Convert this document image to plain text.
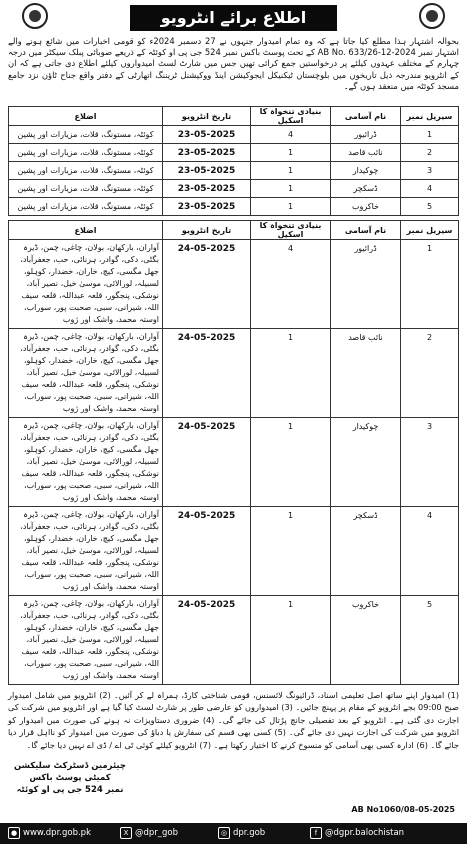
اطلاع برائے انٹرویو
بحوالہ اشتہار ہذا مطلع کیا جاتا ہے کہ وہ تمام امیدوار جنہوں نے 27 دسمبر 2024ء کو قومی اخبارات میں شائع ہونے والے اشتہار نمبر AB No. 633/26-12-2024 کے تحت پوسٹ باکس نمبر 524 جی پی او کوئٹہ کے ذریعے صوبائی پبلک سیکٹر میں درجہ چہارم کے مختلف عہدوں کیلئے پر درخواستیں جمع کرائی تھیں جس میں شارٹ لسٹ امیدواروں کیلئے اطلاع دی جاتی ہے کہ ان کے انٹرویو مندرجہ ذیل تاریخوں میں بلوچستان ٹیکنیکل ایجوکیشن اینڈ ووکیشنل ٹریننگ اتھارٹی کے دفتر واقع جناح ٹاؤن نزد جامع مسجد کوئٹہ میں منعقد ہوں گے۔
سیریل نمبر	نام آسامی	بنیادی تنخواہ کا اسکیل	تاریخ انٹرویو	اضلاع
1	ڈرائیور	4	23-05-2025	کوئٹہ، مستونگ، قلات، مزیارات اور پشین
2	نائب قاصد	1	23-05-2025	کوئٹہ، مستونگ، قلات، مزیارات اور پشین
3	چوکیدار	1	23-05-2025	کوئٹہ، مستونگ، قلات، مزیارات اور پشین
4	ڈسکچر	1	23-05-2025	کوئٹہ، مستونگ، قلات، مزیارات اور پشین
5	خاکروب	1	23-05-2025	کوئٹہ، مستونگ، قلات، مزیارات اور پشین
سیریل نمبر	نام آسامی	بنیادی تنخواہ کا اسکیل	تاریخ انٹرویو	اضلاع
1	ڈرائیور	4	24-05-2025	آواران، بارکھان، بولان، چاغی، چمن، ڈیرہ بگٹی، دکی، گوادر، ہرنائی، حب، جعفرآباد، جھل مگسی، کیچ، خاران، خضدار، کوہلو، لسبیلہ، لورالائی، موسیٰ خیل، نصیر آباد، نوشکی، پنجگور، قلعہ عبداللہ، قلعہ سیف اللہ، شیرانی، سبی، صحبت پور، سوراب، اوستہ محمد، واشک اور ژوب
2	نائب قاصد	1	24-05-2025	آواران، بارکھان، بولان، چاغی، چمن، ڈیرہ بگٹی، دکی، گوادر، ہرنائی، حب، جعفرآباد، جھل مگسی، کیچ، خاران، خضدار، کوہلو، لسبیلہ، لورالائی، موسیٰ خیل، نصیر آباد، نوشکی، پنجگور، قلعہ عبداللہ، قلعہ سیف اللہ، شیرانی، سبی، صحبت پور، سوراب، اوستہ محمد، واشک اور ژوب
3	چوکیدار	1	24-05-2025	آواران، بارکھان، بولان، چاغی، چمن، ڈیرہ بگٹی، دکی، گوادر، ہرنائی، حب، جعفرآباد، جھل مگسی، کیچ، خاران، خضدار، کوہلو، لسبیلہ، لورالائی، موسیٰ خیل، نصیر آباد، نوشکی، پنجگور، قلعہ عبداللہ، قلعہ سیف اللہ، شیرانی، سبی، صحبت پور، سوراب، اوستہ محمد، واشک اور ژوب
4	ڈسکچر	1	24-05-2025	آواران، بارکھان، بولان، چاغی، چمن، ڈیرہ بگٹی، دکی، گوادر، ہرنائی، حب، جعفرآباد، جھل مگسی، کیچ، خاران، خضدار، کوہلو، لسبیلہ، لورالائی، موسیٰ خیل، نصیر آباد، نوشکی، پنجگور، قلعہ عبداللہ، قلعہ سیف اللہ، شیرانی، سبی، صحبت پور، سوراب، اوستہ محمد، واشک اور ژوب
5	خاکروب	1	24-05-2025	آواران، بارکھان، بولان، چاغی، چمن، ڈیرہ بگٹی، دکی، گوادر، ہرنائی، حب، جعفرآباد، جھل مگسی، کیچ، خاران، خضدار، کوہلو، لسبیلہ، لورالائی، موسیٰ خیل، نصیر آباد، نوشکی، پنجگور، قلعہ عبداللہ، قلعہ سیف اللہ، شیرانی، سبی، صحبت پور، سوراب، اوستہ محمد، واشک اور ژوب
(1) امیدوار اپنے ساتھ اصل تعلیمی اسناد، ڈرائیونگ لائسنس، قومی شناختی کارڈ، ہمراہ لے کر آئیں۔ (2) انٹرویو میں شامل امیدوار صبح 09:00 بجے انٹرویو کے مقام پر پہنچ جائیں۔ (3) امیدواروں کو عارضی طور پر شارٹ لسٹ کیا گیا ہے اور انٹرویو میں شرکت کی اجازت دی گئی ہے۔ انٹرویو کے بعد تفصیلی جانچ پڑتال کی جائے گی۔ (4) ضروری دستاویزات نہ ہونے کی صورت میں امیدوار کو انٹرویو میں شرکت کی اجازت نہیں دی جائے گی۔ (5) کسی بھی قسم کی سفارش یا دباؤ کی صورت میں امیدوار کو نااہل قرار دیا جائے گا۔ (6) ادارہ کسی بھی آسامی کو منسوخ کرنے کا اختیار رکھتا ہے۔ (7) انٹرویو کیلئے کوئی ٹی اے / ڈی اے نہیں دیا جائے گا۔
چیئرمین ڈسٹرکٹ سلیکشن کمیٹی پوسٹ باکس
نمبر 524 جی پی او کوئٹہ
AB No1060/08-05-2025
● www.dpr.gob.pk	X @dpr_gob	◎ dpr.gob	f @dgpr.balochistan
